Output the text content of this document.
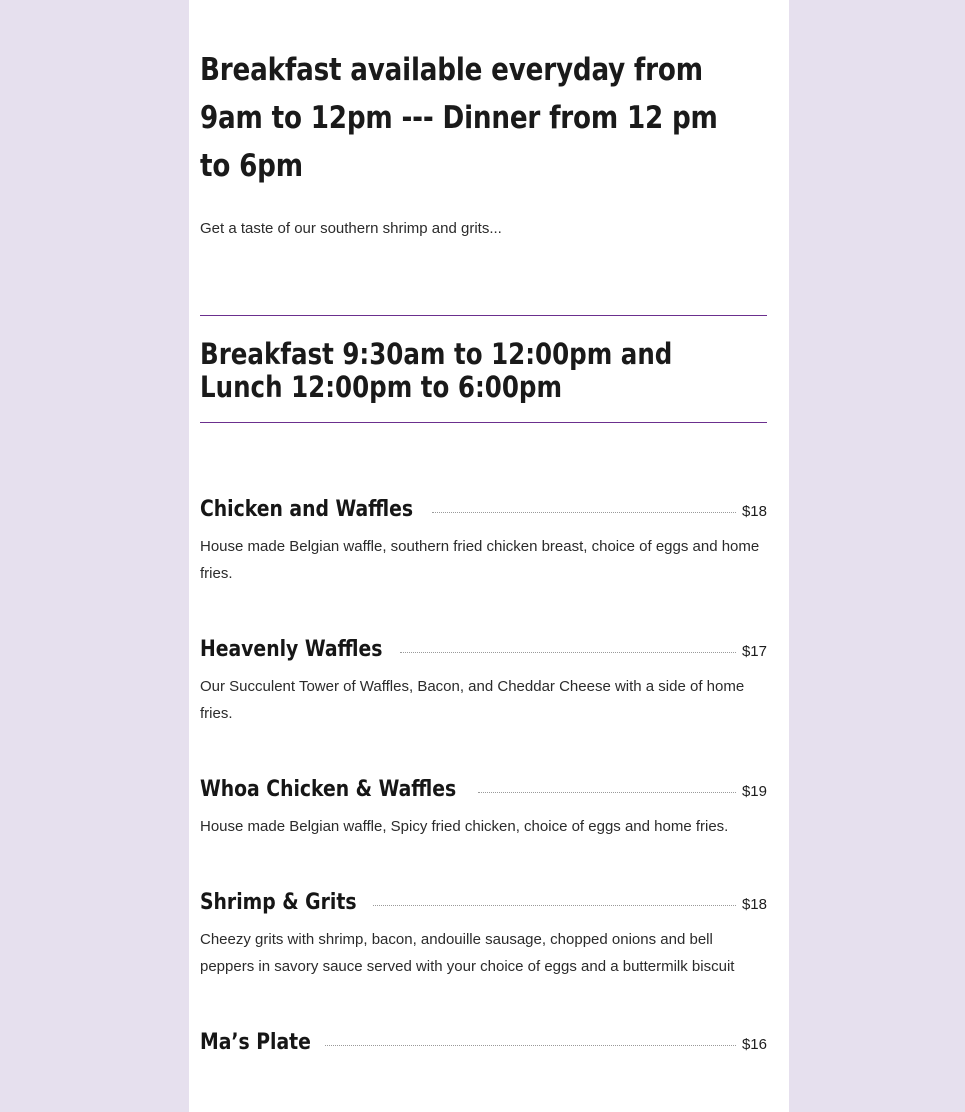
Breakfast available everyday from 9am to 12pm --- Dinner from 12 pm to 6pm

Get a taste of our southern shrimp and grits...

Breakfast 9:30am to 12:00pm and Lunch 12:00pm to 6:00pm
Chicken and Waffles	$18

House made Belgian waffle, southern fried chicken breast, choice of eggs and home fries.

Heavenly Waffles	$17

Our Succulent Tower of Waffles, Bacon, and Cheddar Cheese with a side of home fries.

Whoa Chicken & Waffles	$19

House made Belgian waffle, Spicy fried chicken, choice of eggs and home fries.

Shrimp & Grits	$18

Cheezy grits with shrimp, bacon, andouille sausage, chopped onions and bell peppers in savory sauce served with your choice of eggs and a buttermilk biscuit

Ma’s Plate	$16
